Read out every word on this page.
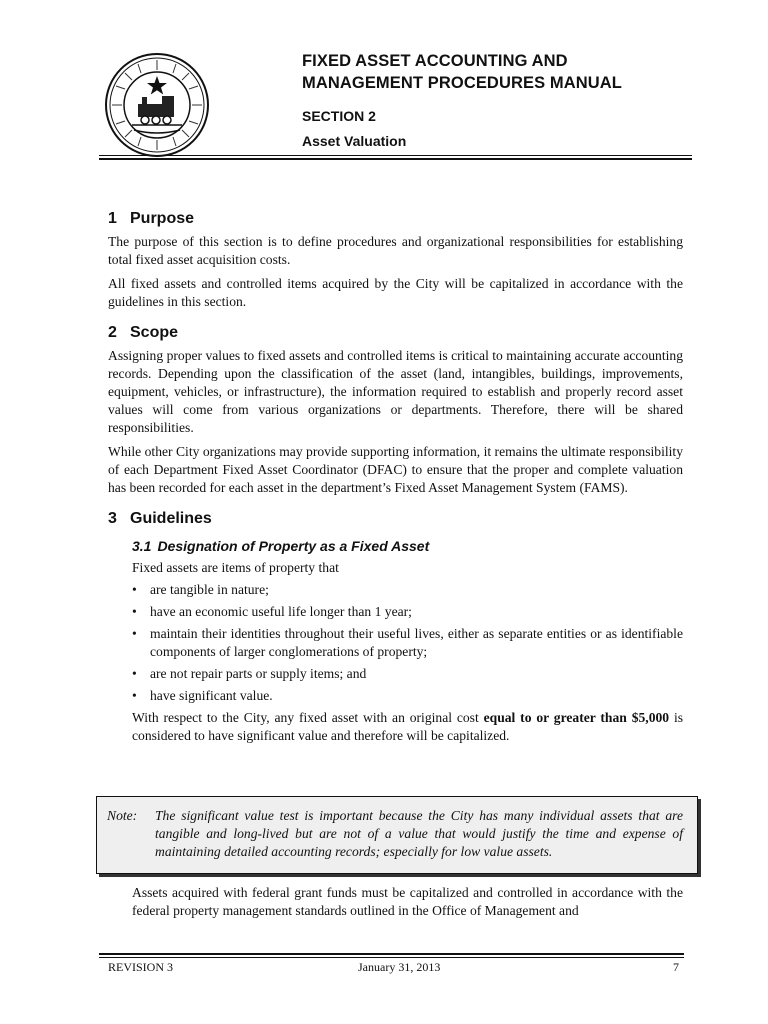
FIXED ASSET ACCOUNTING AND
MANAGEMENT PROCEDURES MANUAL
SECTION 2
Asset Valuation
1 Purpose

The purpose of this section is to define procedures and organizational responsibilities for establishing total fixed asset acquisition costs.

All fixed assets and controlled items acquired by the City will be capitalized in accordance with the guidelines in this section.

2 Scope

Assigning proper values to fixed assets and controlled items is critical to maintaining accurate accounting records. Depending upon the classification of the asset (land, intangibles, buildings, improvements, equipment, vehicles, or infrastructure), the information required to establish and properly record asset values will come from various organizations or departments. Therefore, there will be shared responsibilities.

While other City organizations may provide supporting information, it remains the ultimate responsibility of each Department Fixed Asset Coordinator (DFAC) to ensure that the proper and complete valuation has been recorded for each asset in the department’s Fixed Asset Management System (FAMS).

3 Guidelines
3.1 Designation of Property as a Fixed Asset

Fixed assets are items of property that

• are tangible in nature;
• have an economic useful life longer than 1 year;
• maintain their identities throughout their useful lives, either as separate entities or as identifiable components of larger conglomerations of property;
• are not repair parts or supply items; and
• have significant value.

With respect to the City, any fixed asset with an original cost equal to or greater than $5,000 is considered to have significant value and therefore will be capitalized.

Note: The significant value test is important because the City has many individual assets that are tangible and long-lived but are not of a value that would justify the time and expense of maintaining detailed accounting records; especially for low value assets.
Assets acquired with federal grant funds must be capitalized and controlled in accordance with the federal property management standards outlined in the Office of Management and
REVISION 3	January 31, 2013	7
